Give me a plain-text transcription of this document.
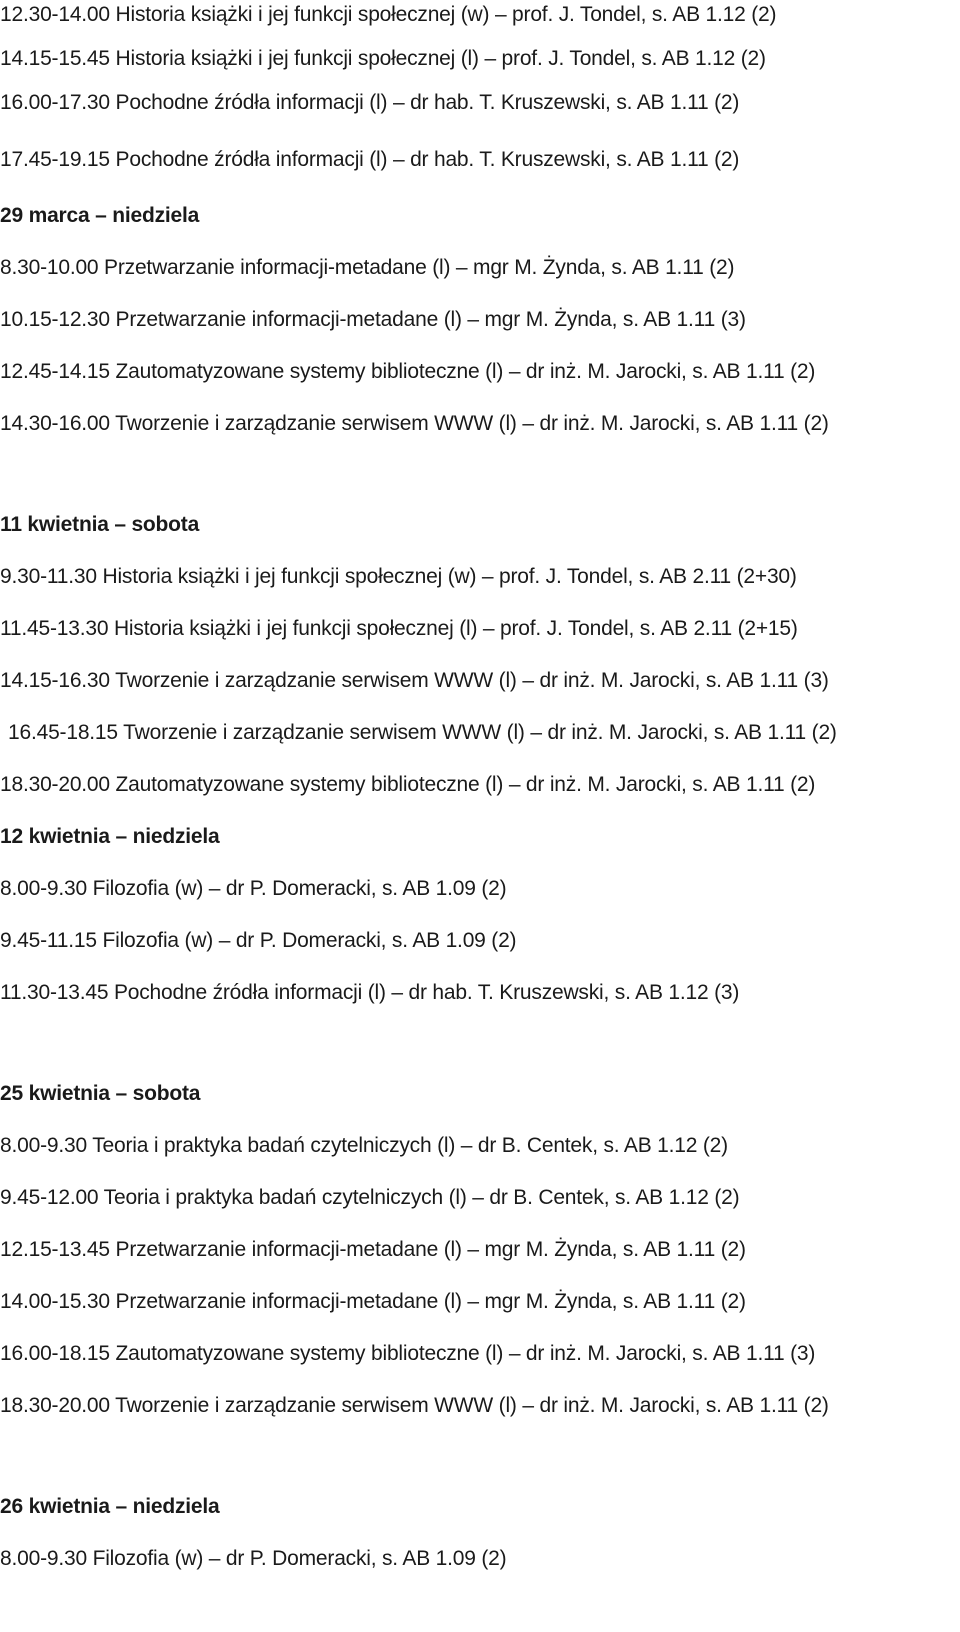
12.30-14.00 Historia książki i jej funkcji społecznej (w) – prof. J. Tondel, s. AB 1.12 (2)
14.15-15.45 Historia książki i jej funkcji społecznej (l) – prof. J. Tondel, s. AB 1.12 (2)
16.00-17.30 Pochodne źródła informacji (l) – dr hab. T. Kruszewski, s. AB 1.11 (2)
17.45-19.15 Pochodne źródła informacji (l) – dr hab. T. Kruszewski, s. AB 1.11 (2)
29 marca – niedziela
8.30-10.00 Przetwarzanie informacji-metadane (l) – mgr M. Żynda, s. AB 1.11 (2)
10.15-12.30 Przetwarzanie informacji-metadane (l) – mgr M. Żynda, s. AB 1.11 (3)
12.45-14.15 Zautomatyzowane systemy biblioteczne (l) – dr inż. M. Jarocki, s. AB 1.11 (2)
14.30-16.00 Tworzenie i zarządzanie serwisem WWW (l) – dr inż. M. Jarocki, s. AB 1.11 (2)
11 kwietnia – sobota
9.30-11.30 Historia książki i jej funkcji społecznej (w) – prof. J. Tondel, s. AB 2.11 (2+30)
11.45-13.30 Historia książki i jej funkcji społecznej (l) – prof. J. Tondel, s. AB 2.11 (2+15)
14.15-16.30 Tworzenie i zarządzanie serwisem WWW (l) – dr inż. M. Jarocki, s. AB 1.11 (3)
16.45-18.15 Tworzenie i zarządzanie serwisem WWW (l) – dr inż. M. Jarocki, s. AB 1.11 (2)
18.30-20.00 Zautomatyzowane systemy biblioteczne (l) – dr inż. M. Jarocki, s. AB 1.11 (2)
12 kwietnia – niedziela
8.00-9.30 Filozofia (w) – dr P. Domeracki, s. AB 1.09 (2)
9.45-11.15 Filozofia (w) – dr P. Domeracki, s. AB 1.09 (2)
11.30-13.45 Pochodne źródła informacji (l) – dr hab. T. Kruszewski, s. AB 1.12 (3)
25 kwietnia – sobota
8.00-9.30 Teoria i praktyka badań czytelniczych (l) – dr B. Centek, s. AB 1.12 (2)
9.45-12.00 Teoria i praktyka badań czytelniczych (l) – dr B. Centek, s. AB 1.12 (2)
12.15-13.45 Przetwarzanie informacji-metadane (l) – mgr M. Żynda, s. AB 1.11 (2)
14.00-15.30 Przetwarzanie informacji-metadane (l) – mgr M. Żynda, s. AB 1.11 (2)
16.00-18.15 Zautomatyzowane systemy biblioteczne (l) – dr inż. M. Jarocki, s. AB 1.11 (3)
18.30-20.00 Tworzenie i zarządzanie serwisem WWW (l) – dr inż. M. Jarocki, s. AB 1.11 (2)
26 kwietnia – niedziela
8.00-9.30 Filozofia (w) – dr P. Domeracki, s. AB 1.09 (2)
